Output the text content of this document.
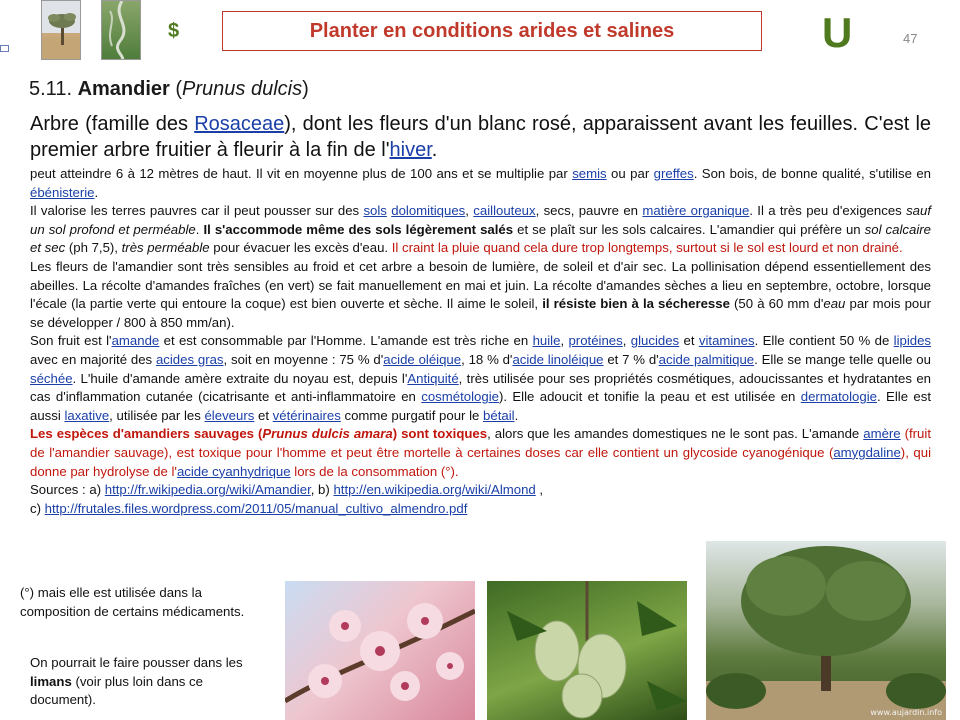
$	Planter en conditions arides et salines	U	47
5.11. Amandier (Prunus dulcis)
Arbre (famille des Rosaceae), dont les fleurs d'un blanc rosé, apparaissent avant les feuilles. C'est le premier arbre fruitier à fleurir à la fin de l'hiver.

peut atteindre 6 à 12 mètres de haut. Il vit en moyenne plus de 100 ans et se multiplie par semis ou par greffes. Son bois, de bonne qualité, s'utilise en ébénisterie.

Il valorise les terres pauvres car il peut pousser sur des sols dolomitiques, caillouteux, secs, pauvre en matière organique. Il a très peu d'exigences sauf un sol profond et perméable. Il s'accommode même des sols légèrement salés et se plaît sur les sols calcaires. L'amandier qui préfère un sol calcaire et sec (ph 7,5), très perméable pour évacuer les excès d'eau. Il craint la pluie quand cela dure trop longtemps, surtout si le sol est lourd et non drainé.

Les fleurs de l'amandier sont très sensibles au froid et cet arbre a besoin de lumière, de soleil et d'air sec. La pollinisation dépend essentiellement des abeilles. La récolte d'amandes fraîches (en vert) se fait manuellement en mai et juin. La récolte d'amandes sèches a lieu en septembre, octobre, lorsque l'écale (la partie verte qui entoure la coque) est bien ouverte et sèche. Il aime le soleil, il résiste bien à la sécheresse (50 à 60 mm d'eau par mois pour se développer / 800 à 850 mm/an).
Son fruit est l'amande et est consommable par l'Homme. L'amande est très riche en huile, protéines, glucides et vitamines. Elle contient 50 % de lipides avec en majorité des acides gras, soit en moyenne : 75 % d'acide oléique, 18 % d'acide linoléique et 7 % d'acide palmitique. Elle se mange telle quelle ou séchée. L'huile d'amande amère extraite du noyau est, depuis l'Antiquité, très utilisée pour ses propriétés cosmétiques, adoucissantes et hydratantes en cas d'inflammation cutanée (cicatrisante et anti-inflammatoire en cosmétologie). Elle adoucit et tonifie la peau et est utilisée en dermatologie. Elle est aussi laxative, utilisée par les éleveurs et vétérinaires comme purgatif pour le bétail.

Les espèces d'amandiers sauvages (Prunus dulcis amara) sont toxiques, alors que les amandes domestiques ne le sont pas. L'amande amère (fruit de l'amandier sauvage), est toxique pour l'homme et peut être mortelle à certaines doses car elle contient un glycoside cyanogénique (amygdaline), qui donne par hydrolyse de l'acide cyanhydrique lors de la consommation (°).

Sources : a) http://fr.wikipedia.org/wiki/Amandier, b) http://en.wikipedia.org/wiki/Almond ,
c) http://frutales.files.wordpress.com/2011/05/manual_cultivo_almendro.pdf

(°) mais elle est utilisée dans la composition de certains médicaments.
On pourrait le faire pousser dans les limans (voir plus loin dans ce document).
www.aujardin.info
